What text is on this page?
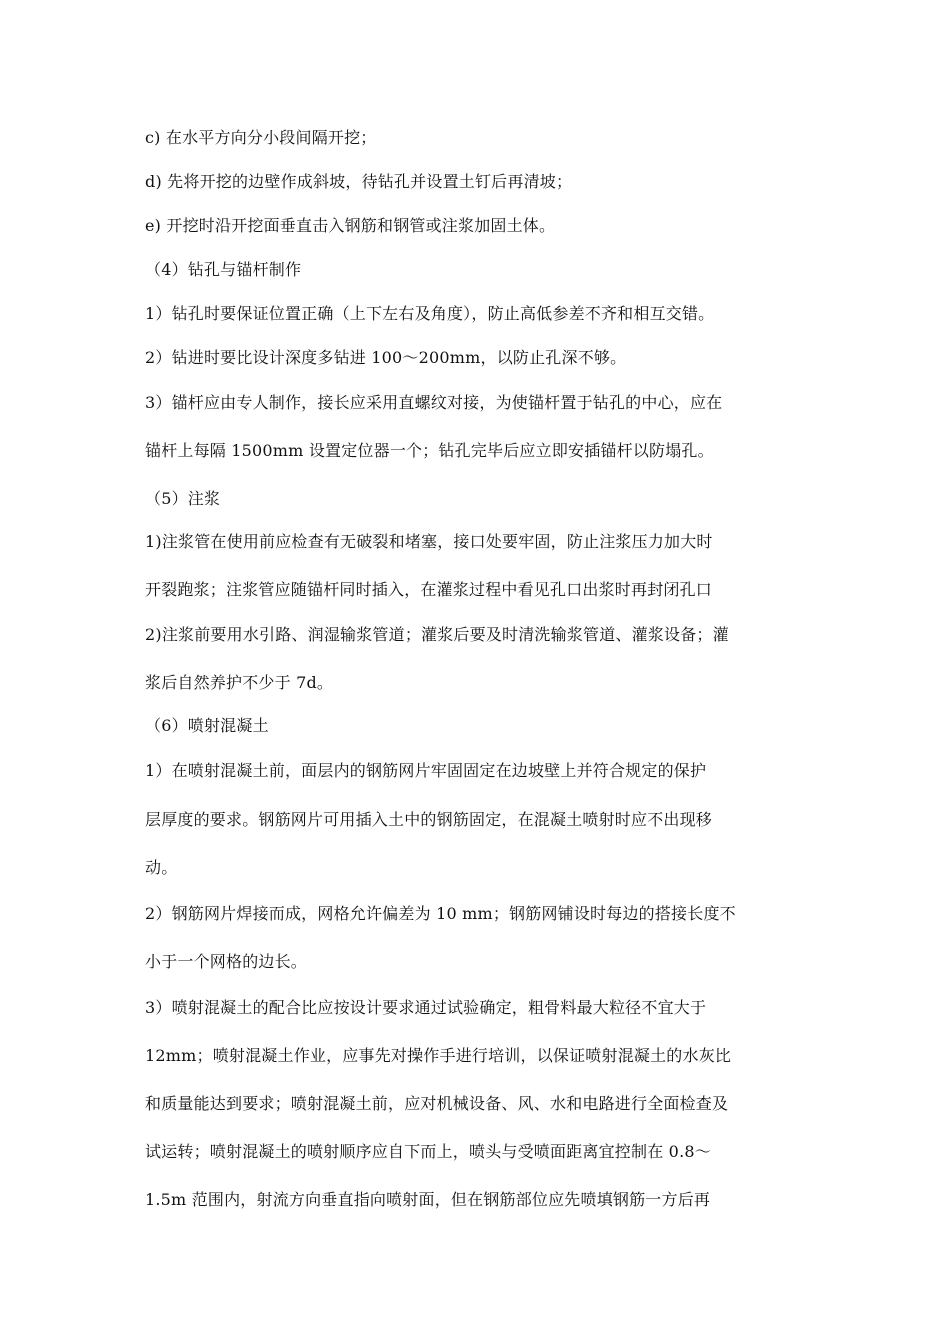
c) 在水平方向分小段间隔开挖；
d) 先将开挖的边壁作成斜坡，待钻孔并设置土钉后再清坡；
e) 开挖时沿开挖面垂直击入钢筋和钢管或注浆加固土体。
（4）钻孔与锚杆制作
1）钻孔时要保证位置正确（上下左右及角度），防止高低参差不齐和相互交错。
2）钻进时要比设计深度多钻进 100～200mm，以防止孔深不够。
3）锚杆应由专人制作，接长应采用直螺纹对接，为使锚杆置于钻孔的中心，应在
锚杆上每隔 1500mm 设置定位器一个；钻孔完毕后应立即安插锚杆以防塌孔。
（5）注浆
1)注浆管在使用前应检查有无破裂和堵塞，接口处要牢固，防止注浆压力加大时
开裂跑浆；注浆管应随锚杆同时插入，在灌浆过程中看见孔口出浆时再封闭孔口
2)注浆前要用水引路、润湿输浆管道；灌浆后要及时清洗输浆管道、灌浆设备；灌
浆后自然养护不少于 7d。
（6）喷射混凝土
1）在喷射混凝土前，面层内的钢筋网片牢固固定在边坡壁上并符合规定的保护
层厚度的要求。钢筋网片可用插入土中的钢筋固定，在混凝土喷射时应不出现移
动。
2）钢筋网片焊接而成，网格允许偏差为 10 mm；钢筋网铺设时每边的搭接长度不
小于一个网格的边长。
3）喷射混凝土的配合比应按设计要求通过试验确定，粗骨料最大粒径不宜大于
12mm；喷射混凝土作业，应事先对操作手进行培训，以保证喷射混凝土的水灰比
和质量能达到要求；喷射混凝土前，应对机械设备、风、水和电路进行全面检查及
试运转；喷射混凝土的喷射顺序应自下而上，喷头与受喷面距离宜控制在 0.8～
1.5m 范围内，射流方向垂直指向喷射面，但在钢筋部位应先喷填钢筋一方后再
